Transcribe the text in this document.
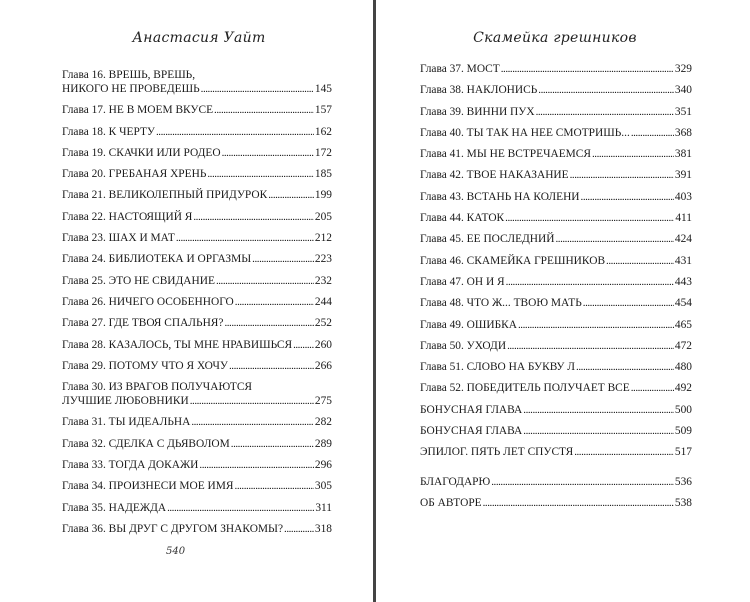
Анастасия Уайт
Глава 16. ВРЕШЬ, ВРЕШЬ,
НИКОГО НЕ ПРОВЕДЕШЬ . . .	145
Глава 17. НЕ В МОЕМ ВКУСЕ . . .	157
Глава 18. К ЧЕРТУ . . .	162
Глава 19. СКАЧКИ ИЛИ РОДЕО . . .	172
Глава 20. ГРЕБАНАЯ ХРЕНЬ . . .	185
Глава 21. ВЕЛИКОЛЕПНЫЙ ПРИДУРОК . . .	199
Глава 22. НАСТОЯЩИЙ Я . . .	205
Глава 23. ШАХ И МАТ . . .	212
Глава 24. БИБЛИОТЕКА И ОРГАЗМЫ . . .	223
Глава 25. ЭТО НЕ СВИДАНИЕ . . .	232
Глава 26. НИЧЕГО ОСОБЕННОГО . . .	244
Глава 27. ГДЕ ТВОЯ СПАЛЬНЯ? . . .	252
Глава 28. КАЗАЛОСЬ, ТЫ МНЕ НРАВИШЬСЯ . . . 260
Глава 29. ПОТОМУ ЧТО Я ХОЧУ . . .	266
Глава 30. ИЗ ВРАГОВ ПОЛУЧАЮТСЯ
ЛУЧШИЕ ЛЮБОВНИКИ . . .	275
Глава 31. ТЫ ИДЕАЛЬНА . . .	282
Глава 32. СДЕЛКА С ДЬЯВОЛОМ . . .	289
Глава 33. ТОГДА ДОКАЖИ . . .	296
Глава 34. ПРОИЗНЕСИ МОЕ ИМЯ . . .	305
Глава 35. НАДЕЖДА . . .	311
Глава 36. ВЫ ДРУГ С ДРУГОМ ЗНАКОМЫ? . . .	318
540
Скамейка грешников
Глава 37. МОСТ . . .	329
Глава 38. НАКЛОНИСЬ . . .	340
Глава 39. ВИННИ ПУХ . . .	351
Глава 40. ТЫ ТАК НА НЕЕ СМОТРИШЬ... . . .	368
Глава 41. МЫ НЕ ВСТРЕЧАЕМСЯ . . .	381
Глава 42. ТВОЕ НАКАЗАНИЕ . . .	391
Глава 43. ВСТАНЬ НА КОЛЕНИ . . .	403
Глава 44. КАТОК . . .	411
Глава 45. ЕЕ ПОСЛЕДНИЙ . . .	424
Глава 46. СКАМЕЙКА ГРЕШНИКОВ . . .	431
Глава 47. ОН И Я . . .	443
Глава 48. ЧТО Ж... ТВОЮ МАТЬ . . .	454
Глава 49. ОШИБКА . . .	465
Глава 50. УХОДИ . . .	472
Глава 51. СЛОВО НА БУКВУ Л . . .	480
Глава 52. ПОБЕДИТЕЛЬ ПОЛУЧАЕТ ВСЕ . . .	492
БОНУСНАЯ ГЛАВА . . .	500
БОНУСНАЯ ГЛАВА . . .	509
ЭПИЛОГ. ПЯТЬ ЛЕТ СПУСТЯ . . .	517
БЛАГОДАРЮ . . .	536
ОБ АВТОРЕ . . .	538
